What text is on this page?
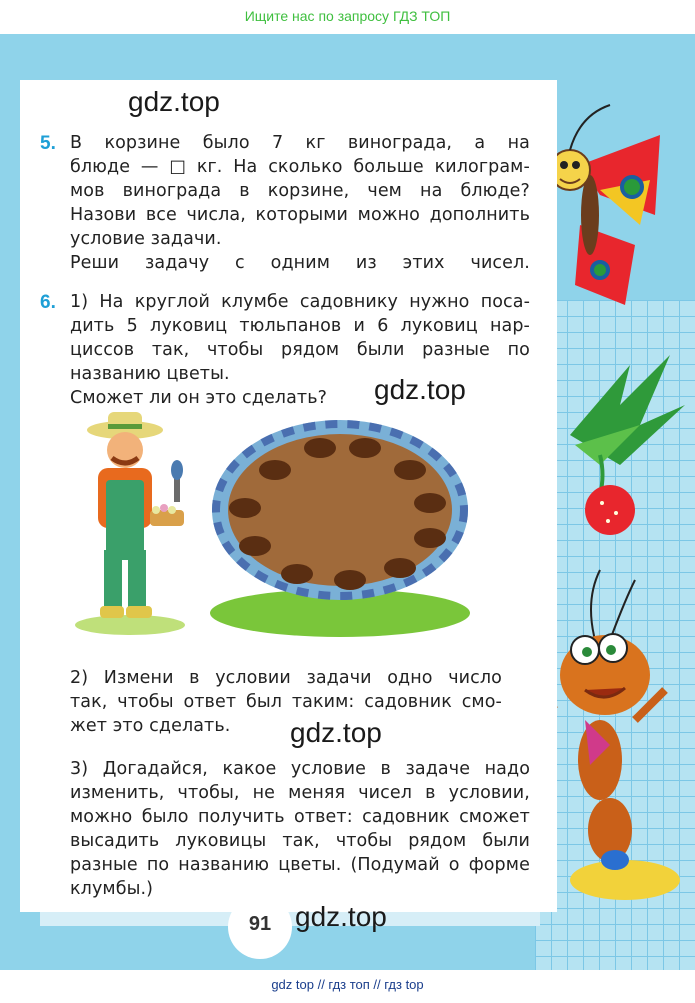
Ищите нас по запросу ГДЗ ТОП
gdz.top
5. В корзине было 7 кг винограда, а на
блюде — □ кг. На сколько больше килограм-
мов винограда в корзине, чем на блюде?
Назови все числа, которыми можно дополнить
условие задачи.
Реши задачу с одним из этих чисел.
6. 1) На круглой клумбе садовнику нужно поса-
дить 5 луковиц тюльпанов и 6 луковиц нар-
циссов так, чтобы рядом были разные по
названию цветы.
Сможет ли он это сделать?	gdz.top
2) Измени в условии задачи одно число
так, чтобы ответ был таким: садовник смо-
жет это сделать.	gdz.top
3) Догадайся, какое условие в задаче надо
изменить, чтобы, не меняя чисел в условии,
можно было получить ответ: садовник сможет
высадить луковицы так, чтобы рядом были
разные по названию цветы. (Подумай о форме
клумбы.)
91 gdz.top
gdz top // гдз топ // гдз top
